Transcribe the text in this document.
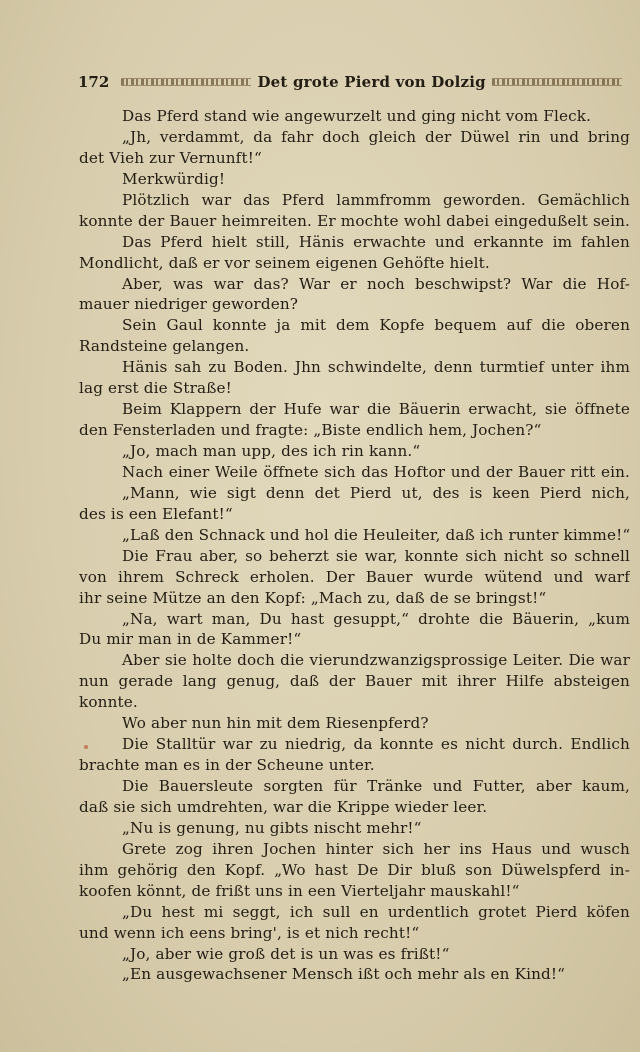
172	Det grote Pierd von Dolzig
Das Pferd stand wie angewurzelt und ging nicht vom Fleck.
„Jh, verdammt, da fahr doch gleich der Düwel rin und bring
det Vieh zur Vernunft!“
Merkwürdig!
Plötzlich war das Pferd lammfromm geworden. Gemächlich
konnte der Bauer heimreiten. Er mochte wohl dabei eingedußelt sein.
Das Pferd hielt still, Hänis erwachte und erkannte im fahlen
Mondlicht, daß er vor seinem eigenen Gehöfte hielt.
Aber, was war das? War er noch beschwipst? War die Hof-
mauer niedriger geworden?
Sein Gaul konnte ja mit dem Kopfe bequem auf die oberen
Randsteine gelangen.
Hänis sah zu Boden. Jhn schwindelte, denn turmtief unter ihm
lag erst die Straße!
Beim Klappern der Hufe war die Bäuerin erwacht, sie öffnete
den Fensterladen und fragte: „Biste endlich hem, Jochen?“
„Jo, mach man upp, des ich rin kann.“
Nach einer Weile öffnete sich das Hoftor und der Bauer ritt ein.
„Mann, wie sigt denn det Pierd ut, des is keen Pierd nich,
des is een Elefant!“
„Laß den Schnack und hol die Heuleiter, daß ich runter kimme!“
Die Frau aber, so beherzt sie war, konnte sich nicht so schnell
von ihrem Schreck erholen. Der Bauer wurde wütend und warf
ihr seine Mütze an den Kopf: „Mach zu, daß de se bringst!“
„Na, wart man, Du hast gesuppt,“ drohte die Bäuerin, „kum
Du mir man in de Kammer!“
Aber sie holte doch die vierundzwanzigsprossige Leiter. Die war
nun gerade lang genug, daß der Bauer mit ihrer Hilfe absteigen
konnte.
Wo aber nun hin mit dem Riesenpferd?
Die Stalltür war zu niedrig, da konnte es nicht durch. Endlich
brachte man es in der Scheune unter.
Die Bauersleute sorgten für Tränke und Futter, aber kaum,
daß sie sich umdrehten, war die Krippe wieder leer.
„Nu is genung, nu gibts nischt mehr!“
Grete zog ihren Jochen hinter sich her ins Haus und wusch
ihm gehörig den Kopf. „Wo hast De Dir bluß son Düwelspferd in-
koofen könnt, de frißt uns in een Vierteljahr mauskahl!“
„Du hest mi seggt, ich sull en urdentlich grotet Pierd köfen
und wenn ich eens bring', is et nich recht!“
„Jo, aber wie groß det is un was es frißt!“
„En ausgewachsener Mensch ißt och mehr als en Kind!“
